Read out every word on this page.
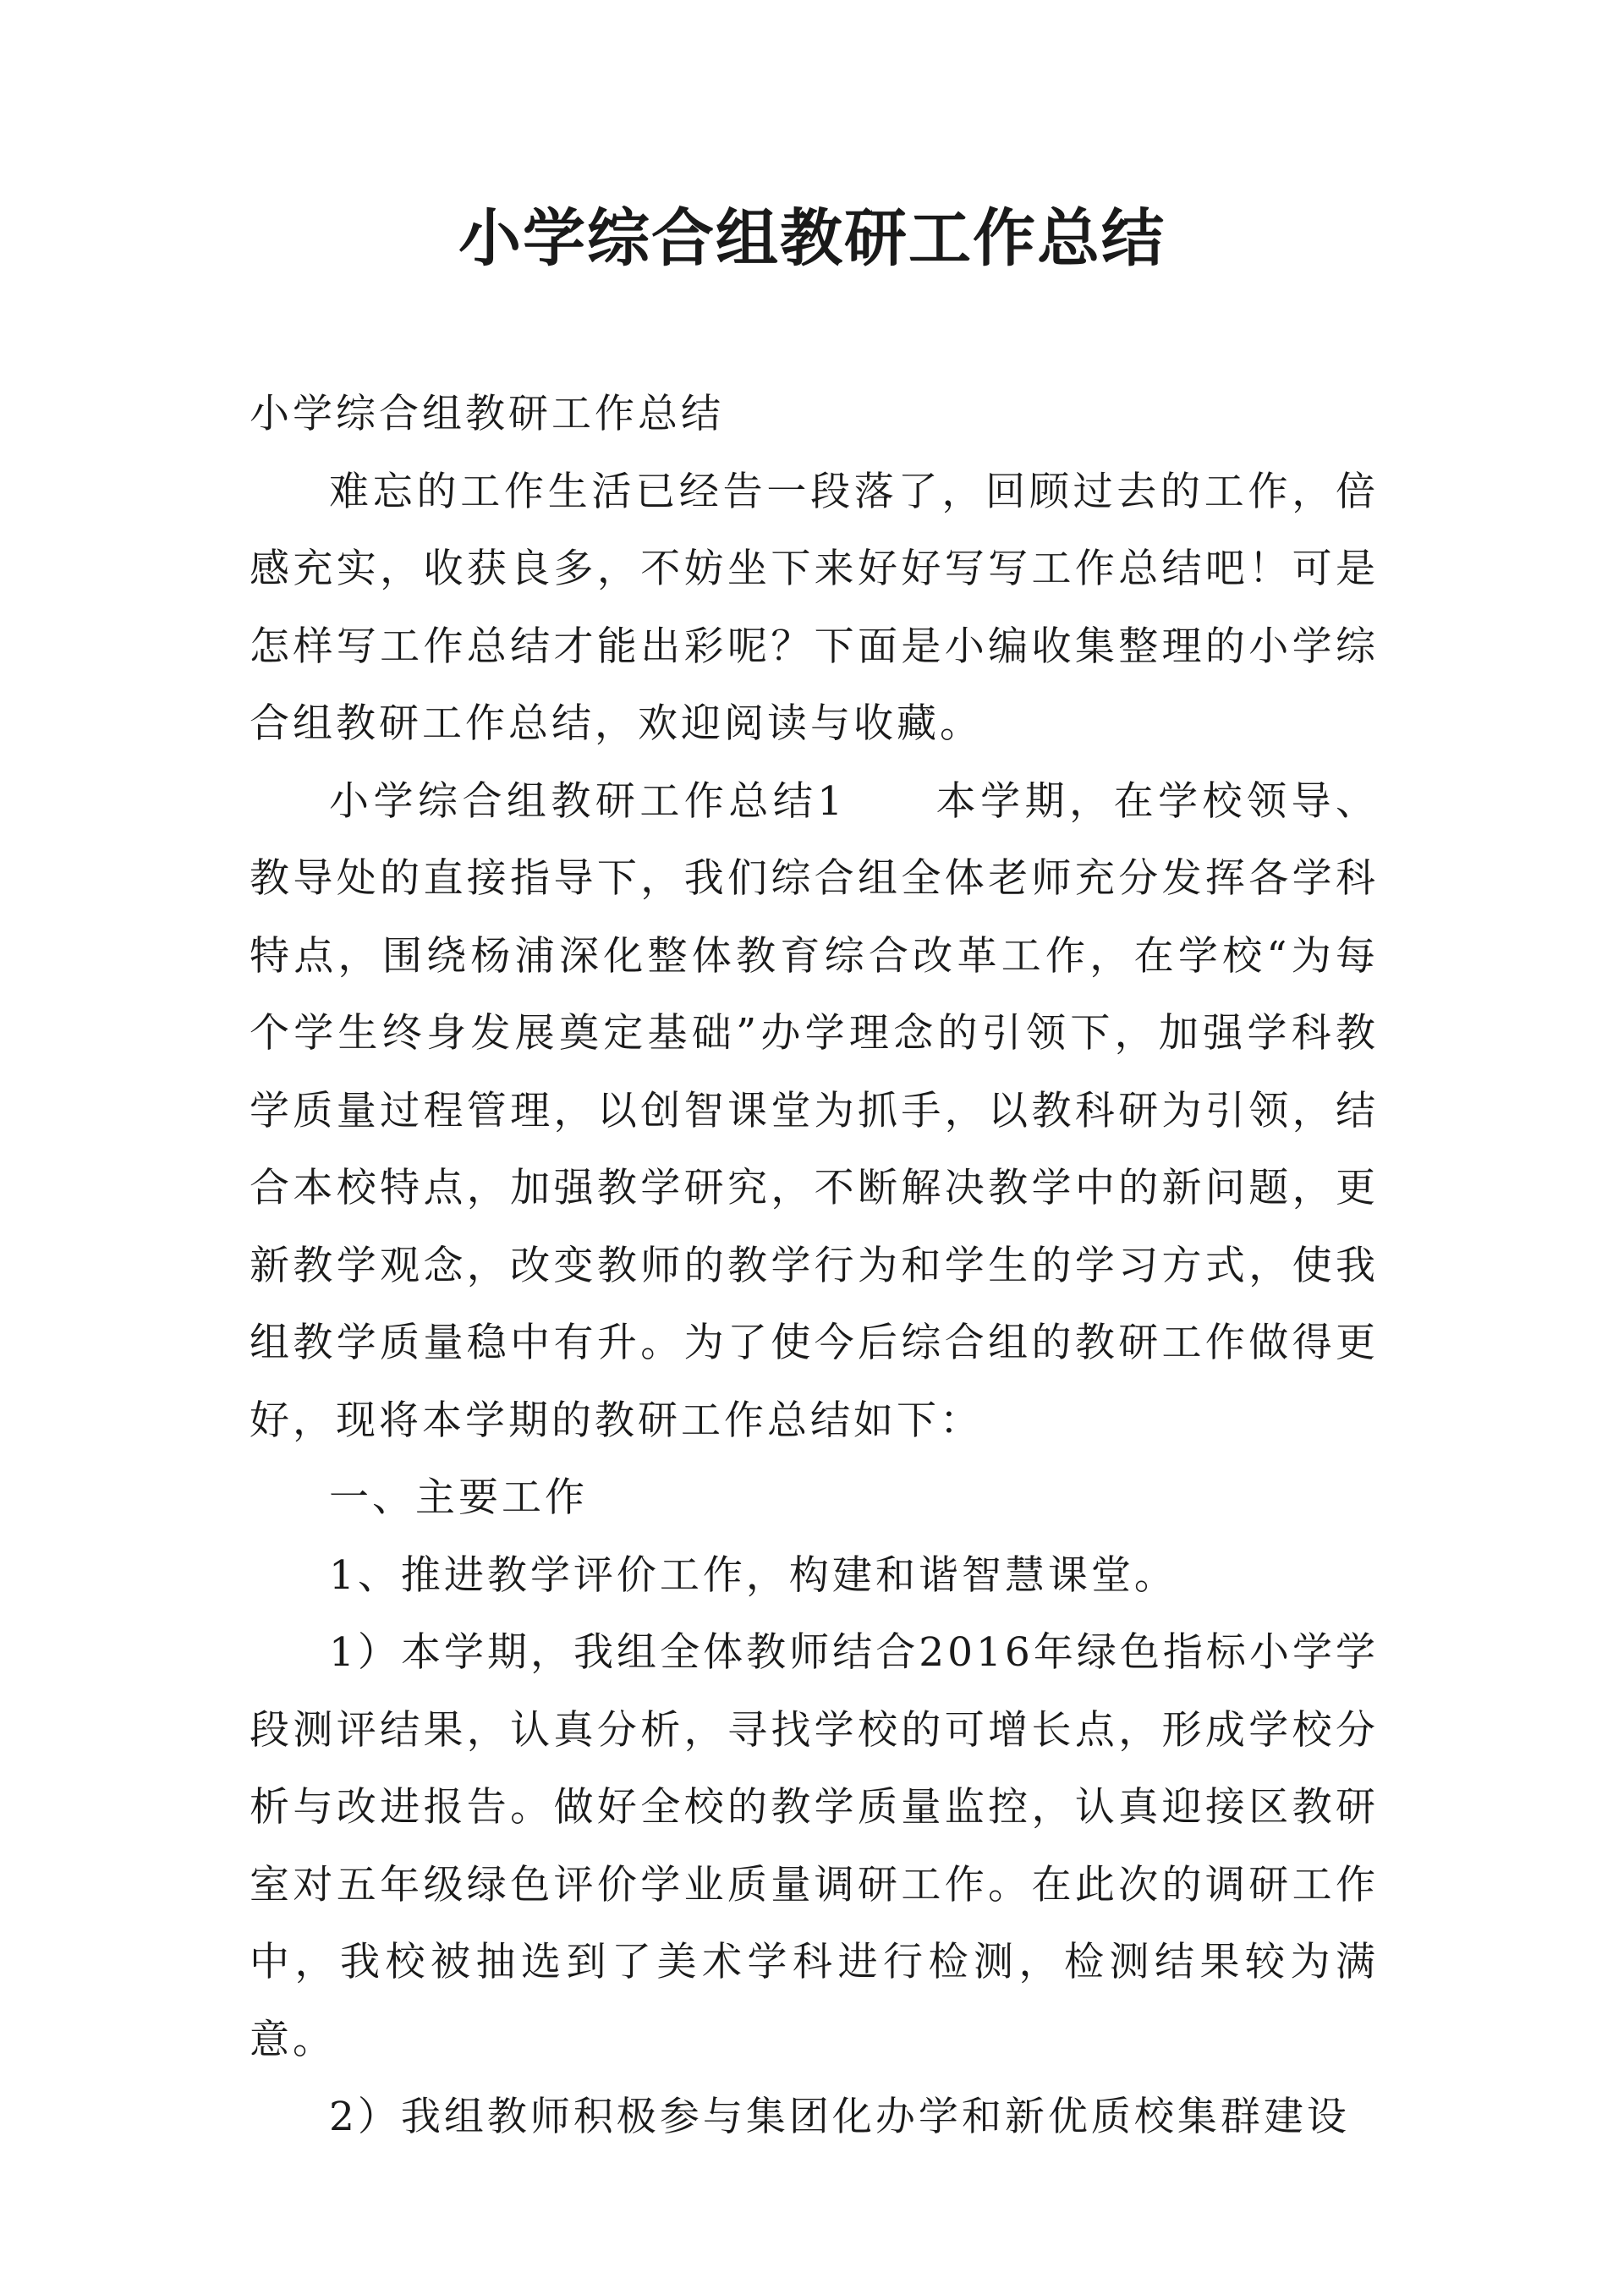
小学综合组教研工作总结

小学综合组教研工作总结

难忘的工作生活已经告一段落了，回顾过去的工作，倍感充实，收获良多，不妨坐下来好好写写工作总结吧！可是怎样写工作总结才能出彩呢？下面是小编收集整理的小学综合组教研工作总结，欢迎阅读与收藏。

小学综合组教研工作总结1　　本学期，在学校领导、教导处的直接指导下，我们综合组全体老师充分发挥各学科特点，围绕杨浦深化整体教育综合改革工作，在学校“为每个学生终身发展奠定基础”办学理念的引领下，加强学科教学质量过程管理，以创智课堂为抓手，以教科研为引领，结合本校特点，加强教学研究，不断解决教学中的新问题，更新教学观念，改变教师的教学行为和学生的学习方式，使我组教学质量稳中有升。为了使今后综合组的教研工作做得更好，现将本学期的教研工作总结如下：

一、主要工作

1、推进教学评价工作，构建和谐智慧课堂。

1）本学期，我组全体教师结合2016年绿色指标小学学段测评结果，认真分析，寻找学校的可增长点，形成学校分析与改进报告。做好全校的教学质量监控，认真迎接区教研室对五年级绿色评价学业质量调研工作。在此次的调研工作中，我校被抽选到了美术学科进行检测，检测结果较为满意。

2）我组教师积极参与集团化办学和新优质校集群建设
